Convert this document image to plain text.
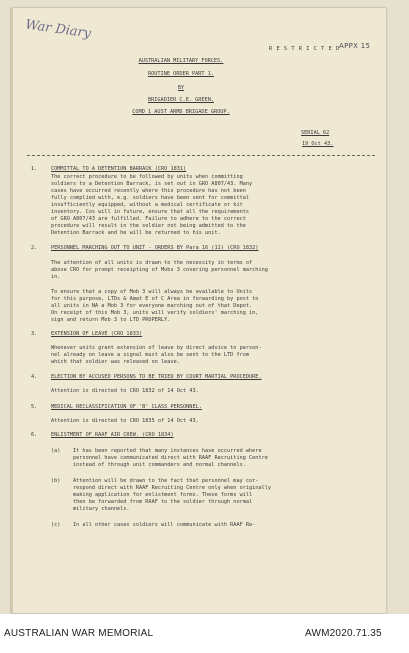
War Diary
APPX 15
R E S T R I C T E D
AUSTRALIAN MILITARY FORCES.
ROUTINE ORDER PART 1.
BY
BRIGADIER C.E. GREEN,
COMD 1 AUST ARMD BRIGADE GROUP.
SERIAL 62
19 Oct 43.
1.	COMMITTAL TO A DETENTION BARRACK (CRO 1831)
The correct procedure to be followed by units when committing
soldiers to a Detention Barrack, is set out in GRO A807/43. Many
cases have occurred recently where this procedure has not been
fully complied with, e.g. soldiers have been sent for committal
insufficiently equipped, without a medical certificate or kit
inventory. Cos will in future, ensure that all the requirements
of GRO A807/43 are fulfilled. Failure to adhere to the correct
procedure will result in the soldier not being admitted to the
Detention Barrack and he will be returned to his unit.
2.	PERSONNEL MARCHING OUT TO UNIT - ORDERS BY Para 16 (11) (CRO 1832)
The attention of all units is drawn to the necessity in terms of
above CRO for prompt receipting of Mobs 3 covering personnel marching
in.
To ensure that a copy of Mob 3 will always be available to Units
for this purpose, LTDs & Amat E of C Area in forwarding by post to
all units in NA a Mob 3 for everyone marching out of that Depot.
On receipt of this Mob 3, units will verify soldiers' marching in,
sign and return Mob 3 to LTD PROPERLY.
3.	EXTENSION OF LEAVE (CRO 1833)
Whenever units grant extension of leave by direct advice to person-
nel already on leave a signal must also be sent to the LTD from
which that soldier was released on leave.
4.	ELECTION BY ACCUSED PERSONS TO BE TRIED BY COURT MARTIAL PROCEDURE.
Attention is directed to CRO 1832 of 14 Oct 43.
5.	MEDICAL RECLASSIFICATION OF 'B' CLASS PERSONNEL.
Attention is directed to CRO 1835 of 14 Oct 43.
6.	ENLISTMENT OF RAAF AIR CREW. (CRO 1834)
(a) It has been reported that many instances have occurred where
personnel have communicated direct with RAAF Recruiting Centre
instead of through unit commanders and normal channels.
(b) Attention will be drawn to the fact that personnel may cor-
respond direct with RAAF Recruiting Centre only when originally
making application for enlistment forms. These forms will
then be forwarded from RAAF to the soldier through normal
military channels.
(c) In all other cases soldiers will communicate with RAAF Re-
AUSTRALIAN WAR MEMORIAL	AWM2020.71.35
